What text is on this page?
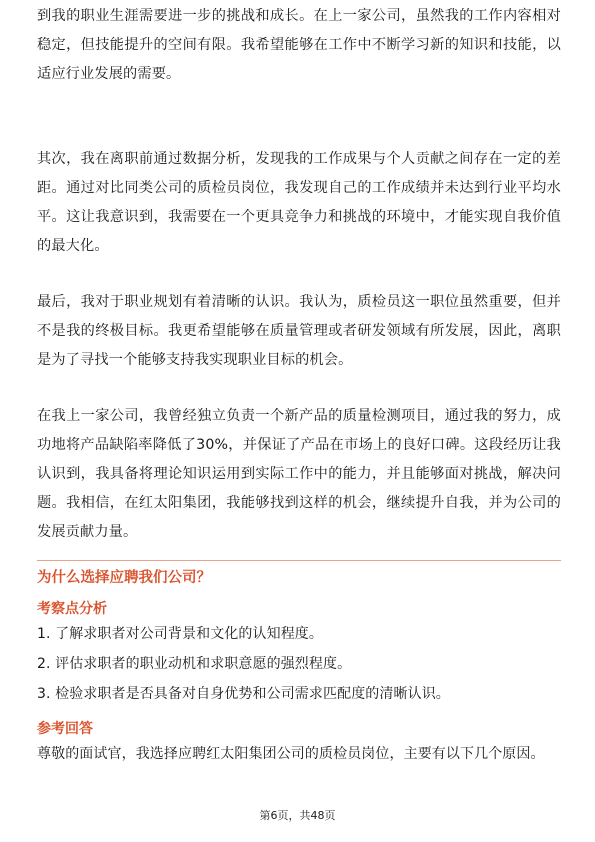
到我的职业生涯需要进一步的挑战和成长。在上一家公司，虽然我的工作内容相对稳定，但技能提升的空间有限。我希望能够在工作中不断学习新的知识和技能，以适应行业发展的需要。

其次，我在离职前通过数据分析，发现我的工作成果与个人贡献之间存在一定的差距。通过对比同类公司的质检员岗位，我发现自己的工作成绩并未达到行业平均水平。这让我意识到，我需要在一个更具竞争力和挑战的环境中，才能实现自我价值的最大化。

最后，我对于职业规划有着清晰的认识。我认为，质检员这一职位虽然重要，但并不是我的终极目标。我更希望能够在质量管理或者研发领域有所发展，因此，离职是为了寻找一个能够支持我实现职业目标的机会。

在我上一家公司，我曾经独立负责一个新产品的质量检测项目，通过我的努力，成功地将产品缺陷率降低了30%，并保证了产品在市场上的良好口碑。这段经历让我认识到，我具备将理论知识运用到实际工作中的能力，并且能够面对挑战，解决问题。我相信，在红太阳集团，我能够找到这样的机会，继续提升自我，并为公司的发展贡献力量。

为什么选择应聘我们公司？
考察点分析

1. 了解求职者对公司背景和文化的认知程度。

2. 评估求职者的职业动机和求职意愿的强烈程度。

3. 检验求职者是否具备对自身优势和公司需求匹配度的清晰认识。

参考回答

尊敬的面试官，我选择应聘红太阳集团公司的质检员岗位，主要有以下几个原因。

第6页，共48页
